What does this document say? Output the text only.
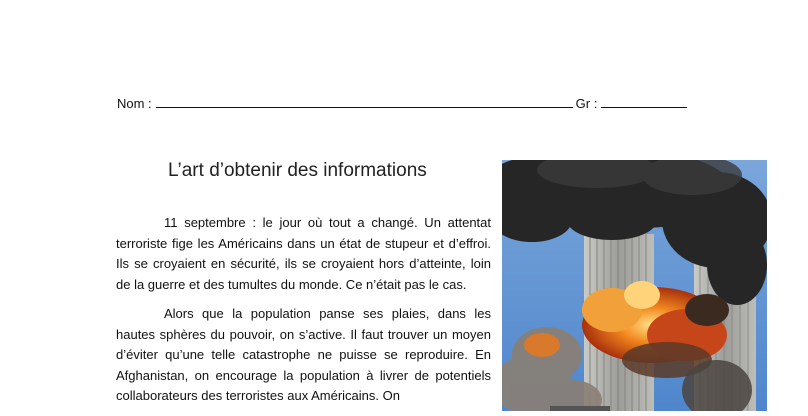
Nom :	Gr :
L’art d’obtenir des informations

11 septembre : le jour où tout a changé. Un attentat terroriste fige les Américains dans un état de stupeur et d’effroi. Ils se croyaient en sécurité, ils se croyaient hors d’atteinte, loin de la guerre et des tumultes du monde. Ce n’était pas le cas.

Alors que la population panse ses plaies, dans les hautes sphères du pouvoir, on s’active. Il faut trouver un moyen d’éviter qu’une telle catastrophe ne puisse se reproduire. En Afghanistan, on encourage la population à livrer de potentiels collaborateurs des terroristes aux Américains. On
